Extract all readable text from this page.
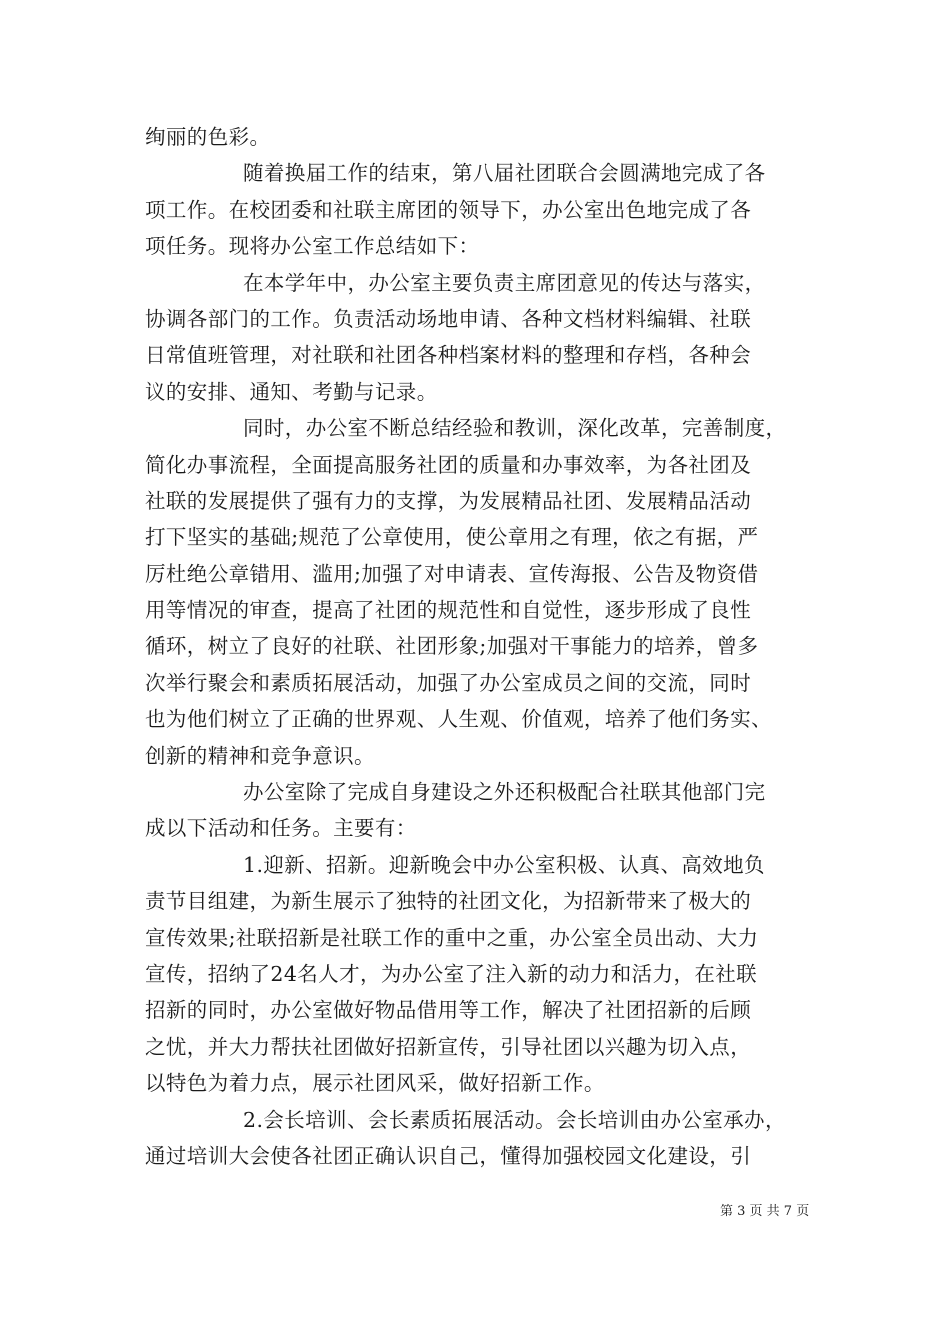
绚丽的色彩。
随着换届工作的结束，第八届社团联合会圆满地完成了各
项工作。在校团委和社联主席团的领导下，办公室出色地完成了各
项任务。现将办公室工作总结如下：
在本学年中，办公室主要负责主席团意见的传达与落实，
协调各部门的工作。负责活动场地申请、各种文档材料编辑、社联
日常值班管理，对社联和社团各种档案材料的整理和存档，各种会
议的安排、通知、考勤与记录。
同时，办公室不断总结经验和教训，深化改革，完善制度，
简化办事流程，全面提高服务社团的质量和办事效率，为各社团及
社联的发展提供了强有力的支撑，为发展精品社团、发展精品活动
打下坚实的基础;规范了公章使用，使公章用之有理，依之有据，严
厉杜绝公章错用、滥用;加强了对申请表、宣传海报、公告及物资借
用等情况的审查，提高了社团的规范性和自觉性，逐步形成了良性
循环，树立了良好的社联、社团形象;加强对干事能力的培养，曾多
次举行聚会和素质拓展活动，加强了办公室成员之间的交流，同时
也为他们树立了正确的世界观、人生观、价值观，培养了他们务实、
创新的精神和竞争意识。
办公室除了完成自身建设之外还积极配合社联其他部门完
成以下活动和任务。主要有：
1.迎新、招新。迎新晚会中办公室积极、认真、高效地负
责节目组建，为新生展示了独特的社团文化，为招新带来了极大的
宣传效果;社联招新是社联工作的重中之重，办公室全员出动、大力
宣传，招纳了24名人才，为办公室了注入新的动力和活力，在社联
招新的同时，办公室做好物品借用等工作，解决了社团招新的后顾
之忧，并大力帮扶社团做好招新宣传，引导社团以兴趣为切入点，
以特色为着力点，展示社团风采，做好招新工作。
2.会长培训、会长素质拓展活动。会长培训由办公室承办，
通过培训大会使各社团正确认识自己，懂得加强校园文化建设，引
第 3 页 共 7 页
